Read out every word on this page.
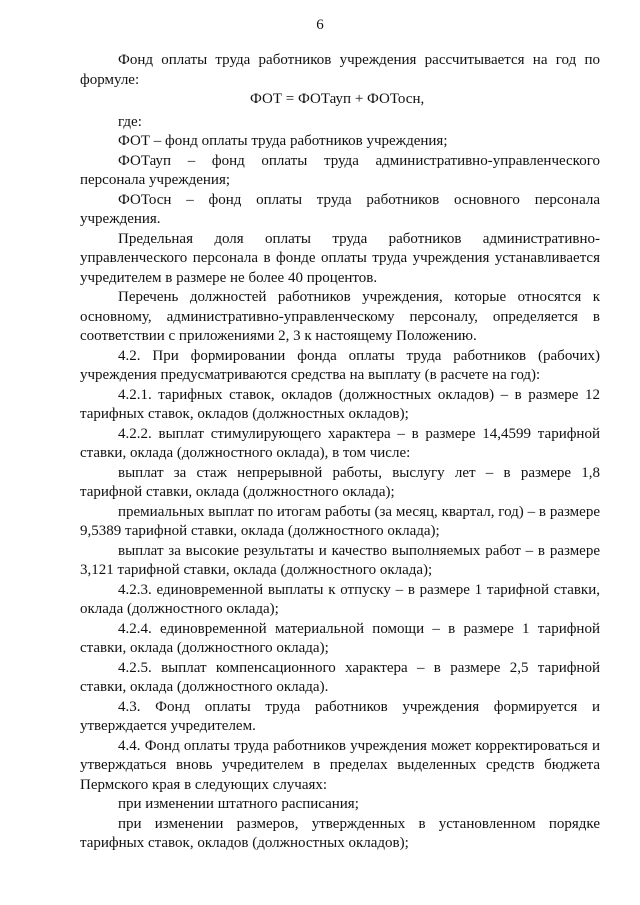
6

Фонд оплаты труда работников учреждения рассчитывается на год по формуле:

ФОТ = ФОТауп + ФОТосн,

где:

ФОТ – фонд оплаты труда работников учреждения;

ФОТауп – фонд оплаты труда административно-управленческого персонала учреждения;

ФОТосн – фонд оплаты труда работников основного персонала учреждения.

Предельная доля оплаты труда работников административно-управленческого персонала в фонде оплаты труда учреждения устанавливается учредителем в размере не более 40 процентов.

Перечень должностей работников учреждения, которые относятся к основному, административно-управленческому персоналу, определяется в соответствии с приложениями 2, 3 к настоящему Положению.

4.2. При формировании фонда оплаты труда работников (рабочих) учреждения предусматриваются средства на выплату (в расчете на год):

4.2.1. тарифных ставок, окладов (должностных окладов) – в размере 12 тарифных ставок, окладов (должностных окладов);

4.2.2. выплат стимулирующего характера – в размере 14,4599 тарифной ставки, оклада (должностного оклада), в том числе:

выплат за стаж непрерывной работы, выслугу лет – в размере 1,8 тарифной ставки, оклада (должностного оклада);

премиальных выплат по итогам работы (за месяц, квартал, год) – в размере 9,5389 тарифной ставки, оклада (должностного оклада);

выплат за высокие результаты и качество выполняемых работ – в размере 3,121 тарифной ставки, оклада (должностного оклада);

4.2.3. единовременной выплаты к отпуску – в размере 1 тарифной ставки, оклада (должностного оклада);

4.2.4. единовременной материальной помощи – в размере 1 тарифной ставки, оклада (должностного оклада);

4.2.5. выплат компенсационного характера – в размере 2,5 тарифной ставки, оклада (должностного оклада).

4.3. Фонд оплаты труда работников учреждения формируется и утверждается учредителем.

4.4. Фонд оплаты труда работников учреждения может корректироваться и утверждаться вновь учредителем в пределах выделенных средств бюджета Пермского края в следующих случаях:

при изменении штатного расписания;

при изменении размеров, утвержденных в установленном порядке тарифных ставок, окладов (должностных окладов);
